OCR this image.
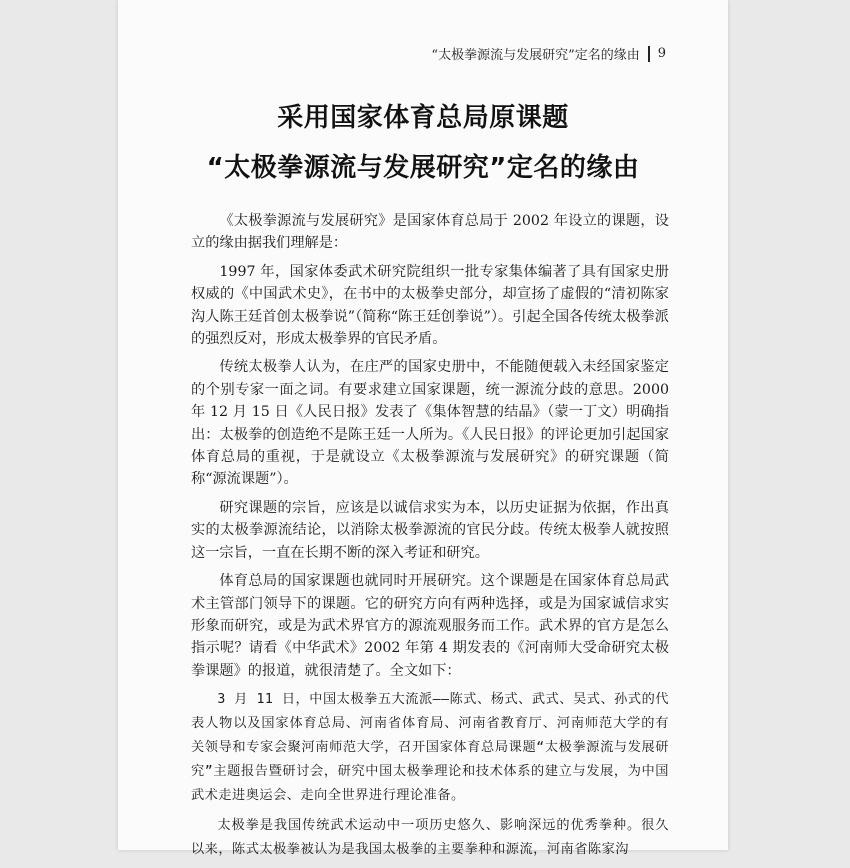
“太极拳源流与发展研究”定名的缘由 9
采用国家体育总局原课题
“太极拳源流与发展研究”定名的缘由

《太极拳源流与发展研究》是国家体育总局于 2002 年设立的课题，设立的缘由据我们理解是：

1997 年，国家体委武术研究院组织一批专家集体编著了具有国家史册权威的《中国武术史》，在书中的太极拳史部分，却宣扬了虚假的“清初陈家沟人陈王廷首创太极拳说”（简称“陈王廷创拳说”）。引起全国各传统太极拳派的强烈反对，形成太极拳界的官民矛盾。

传统太极拳人认为，在庄严的国家史册中，不能随便载入未经国家鉴定的个别专家一面之词。有要求建立国家课题，统一源流分歧的意思。2000 年 12 月 15 日《人民日报》发表了《集体智慧的结晶》（蒙一丁文）明确指出：太极拳的创造绝不是陈王廷一人所为。《人民日报》的评论更加引起国家体育总局的重视，于是就设立《太极拳源流与发展研究》的研究课题（简称“源流课题”）。

研究课题的宗旨，应该是以诚信求实为本，以历史证据为依据，作出真实的太极拳源流结论，以消除太极拳源流的官民分歧。传统太极拳人就按照这一宗旨，一直在长期不断的深入考证和研究。

体育总局的国家课题也就同时开展研究。这个课题是在国家体育总局武术主管部门领导下的课题。它的研究方向有两种选择，或是为国家诚信求实形象而研究，或是为武术界官方的源流观服务而工作。武术界的官方是怎么指示呢？请看《中华武术》2002 年第 4 期发表的《河南师大受命研究太极拳课题》的报道，就很清楚了。全文如下：

3 月 11 日，中国太极拳五大流派——陈式、杨式、武式、吴式、孙式的代表人物以及国家体育总局、河南省体育局、河南省教育厅、河南师范大学的有关领导和专家会聚河南师范大学，召开国家体育总局课题“太极拳源流与发展研究”主题报告暨研讨会，研究中国太极拳理论和技术体系的建立与发展，为中国武术走进奥运会、走向全世界进行理论准备。

太极拳是我国传统武术运动中一项历史悠久、影响深远的优秀拳种。很久以来，陈式太极拳被认为是我国太极拳的主要拳种和源流，河南省陈家沟
